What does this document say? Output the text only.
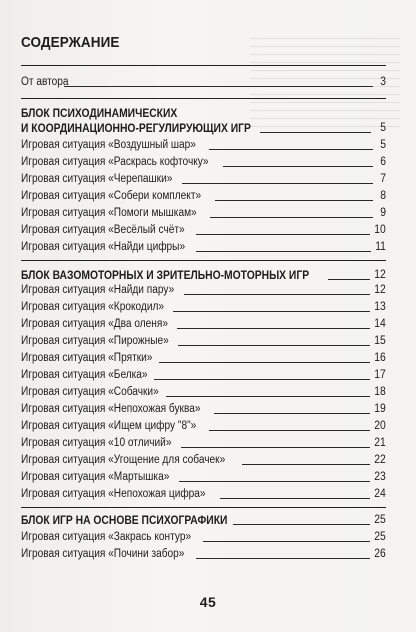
СОДЕРЖАНИЕ
От автора	3
БЛОК ПСИХОДИНАМИЧЕСКИХ
И КООРДИНАЦИОННО-РЕГУЛИРУЮЩИХ ИГР	5
Игровая ситуация «Воздушный шар»	5
Игровая ситуация «Раскрась кофточку»	6
Игровая ситуация «Черепашки»	7
Игровая ситуация «Собери комплект»	8
Игровая ситуация «Помоги мышкам»	9
Игровая ситуация «Весёлый счёт»	10
Игровая ситуация «Найди цифры»	11
БЛОК ВАЗОМОТОРНЫХ И ЗРИТЕЛЬНО-МОТОРНЫХ ИГР	12
Игровая ситуация «Найди пару»	12
Игровая ситуация «Крокодил»	13
Игровая ситуация «Два оленя»	14
Игровая ситуация «Пирожные»	15
Игровая ситуация «Прятки»	16
Игровая ситуация «Белка»	17
Игровая ситуация «Собачки»	18
Игровая ситуация «Непохожая буква»	19
Игровая ситуация «Ищем цифру "8"»	20
Игровая ситуация «10 отличий»	21
Игровая ситуация «Угощение для собачек»	22
Игровая ситуация «Мартышка»	23
Игровая ситуация «Непохожая цифра»	24
БЛОК ИГР НА ОСНОВЕ ПСИХОГРАФИКИ	25
Игровая ситуация «Закрась контур»	25
Игровая ситуация «Почини забор»	26
45
